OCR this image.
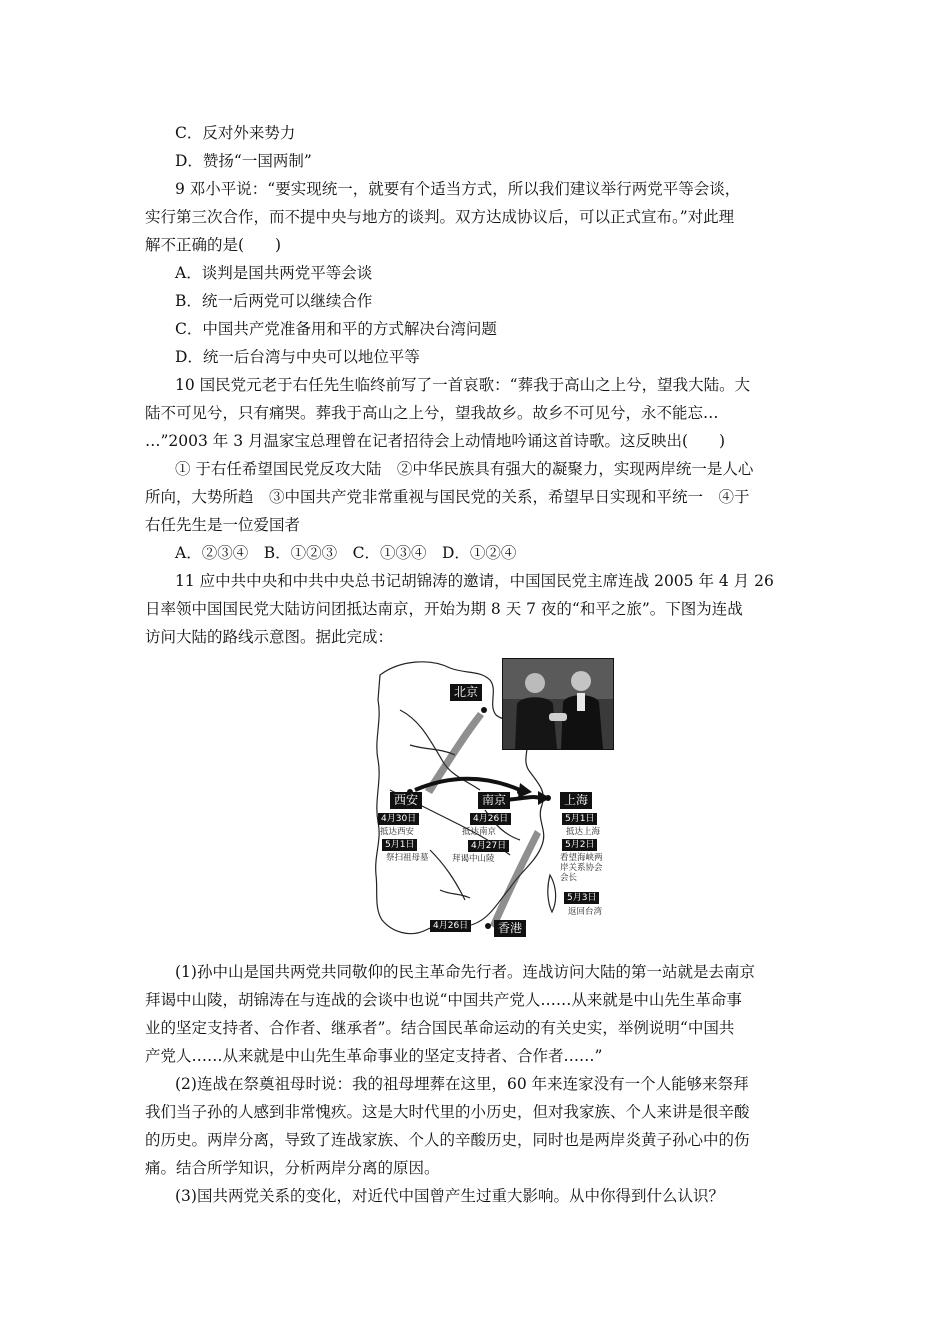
C．反对外来势力
D．赞扬“一国两制”
9 邓小平说：“要实现统一，就要有个适当方式，所以我们建议举行两党平等会谈，
实行第三次合作，而不提中央与地方的谈判。双方达成协议后，可以正式宣布。”对此理
解不正确的是(　　)
A．谈判是国共两党平等会谈
B．统一后两党可以继续合作
C．中国共产党准备用和平的方式解决台湾问题
D．统一后台湾与中央可以地位平等
10 国民党元老于右任先生临终前写了一首哀歌：“葬我于高山之上兮，望我大陆。大
陆不可见兮，只有痛哭。葬我于高山之上兮，望我故乡。故乡不可见兮，永不能忘…
…”2003 年 3 月温家宝总理曾在记者招待会上动情地吟诵这首诗歌。这反映出(　　)
① 于右任希望国民党反攻大陆　②中华民族具有强大的凝聚力，实现两岸统一是人心
所向，大势所趋　③中国共产党非常重视与国民党的关系，希望早日实现和平统一　④于
右任先生是一位爱国者
A．②③④　B．①②③　C．①③④　D．①②④
11 应中共中央和中共中央总书记胡锦涛的邀请，中国国民党主席连战 2005 年 4 月 26
日率领中国国民党大陆访问团抵达南京，开始为期 8 天 7 夜的“和平之旅”。下图为连战
访问大陆的路线示意图。据此完成：
北京
西安	南京	上海
香港
4月30日
抵达西安
5月1日
祭扫祖母墓
4月26日
抵达南京
4月27日
拜谒中山陵
5月1日
抵达上海
5月2日
看望海峡两
岸关系协会
会长
5月3日
返回台湾
4月26日
(1)孙中山是国共两党共同敬仰的民主革命先行者。连战访问大陆的第一站就是去南京
拜谒中山陵，胡锦涛在与连战的会谈中也说“中国共产党人……从来就是中山先生革命事
业的坚定支持者、合作者、继承者”。结合国民革命运动的有关史实，举例说明“中国共
产党人……从来就是中山先生革命事业的坚定支持者、合作者……”
(2)连战在祭奠祖母时说：我的祖母埋葬在这里，60 年来连家没有一个人能够来祭拜
我们当子孙的人感到非常愧疚。这是大时代里的小历史，但对我家族、个人来讲是很辛酸
的历史。两岸分离，导致了连战家族、个人的辛酸历史，同时也是两岸炎黄子孙心中的伤
痛。结合所学知识，分析两岸分离的原因。
(3)国共两党关系的变化，对近代中国曾产生过重大影响。从中你得到什么认识？
